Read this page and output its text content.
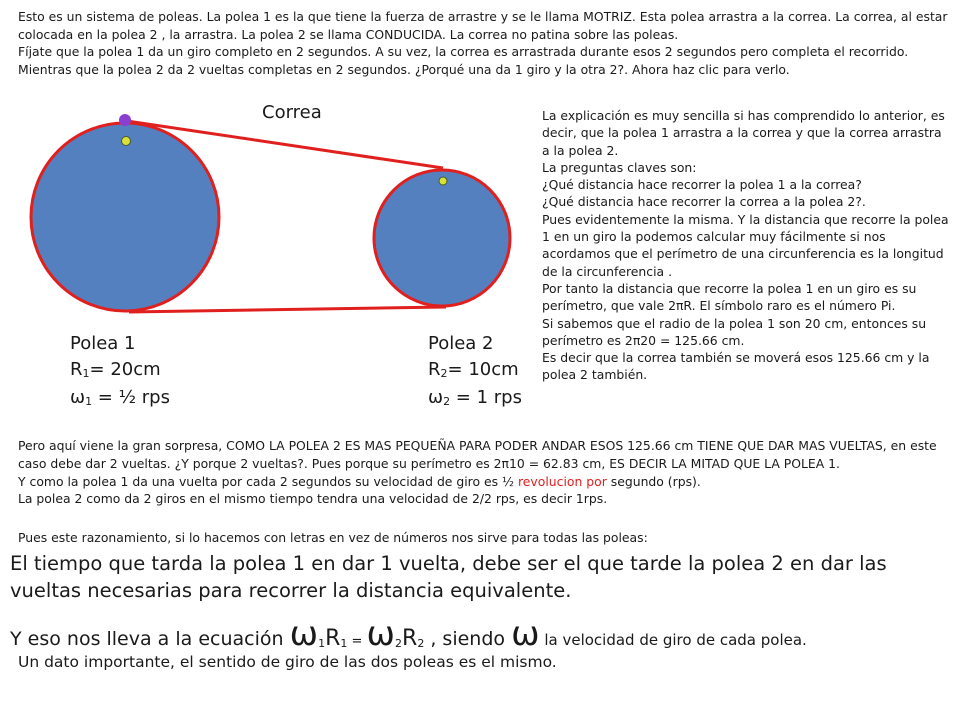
Esto es un sistema de poleas. La polea 1 es la que tiene la fuerza de arrastre y se le llama MOTRIZ. Esta polea arrastra a la correa. La correa, al estar colocada en la polea 2 , la arrastra. La polea 2 se llama CONDUCIDA. La correa no patina sobre las poleas.

Fíjate que la polea 1 da un giro completo en 2 segundos. A su vez, la correa es arrastrada durante esos 2 segundos pero completa el recorrido. Mientras que la polea 2 da 2 vueltas completas en 2 segundos. ¿Porqué una da 1 giro y la otra 2?. Ahora haz clic para verlo.

Correa
Polea 1
R1= 20cm
ω1 = ½ rps
Polea 2
R2= 10cm
ω2 = 1 rps

La explicación es muy sencilla si has comprendido lo anterior, es decir, que la polea 1 arrastra a la correa y que la correa arrastra a la polea 2.

La preguntas claves son:

¿Qué distancia hace recorrer la polea 1 a la correa?

¿Qué distancia hace recorrer la correa a la polea 2?.

Pues evidentemente la misma. Y la distancia que recorre la polea 1 en un giro la podemos calcular muy fácilmente si nos acordamos que el perímetro de una circunferencia es la longitud de la circunferencia .

Por tanto la distancia que recorre la polea 1 en un giro es su perímetro, que vale 2πR. El símbolo raro es el número Pi.

Si sabemos que el radio de la polea 1 son 20 cm, entonces su perímetro es 2π20 = 125.66 cm.

Es decir que la correa también se moverá esos 125.66 cm y la polea 2 también.

Pero aquí viene la gran sorpresa, COMO LA POLEA 2 ES MAS PEQUEÑA PARA PODER ANDAR ESOS 125.66 cm TIENE QUE DAR MAS VUELTAS, en este caso debe dar 2 vueltas. ¿Y porque 2 vueltas?. Pues porque su perímetro es 2π10 = 62.83 cm, ES DECIR LA MITAD QUE LA POLEA 1.

Y como la polea 1 da una vuelta por cada 2 segundos su velocidad de giro es ½ revolucion por segundo (rps).

La polea 2 como da 2 giros en el mismo tiempo tendra una velocidad de 2/2 rps, es decir 1rps.

Pues este razonamiento, si lo hacemos con letras en vez de números nos sirve para todas las poleas:
El tiempo que tarda la polea 1 en dar 1 vuelta, debe ser el que tarde la polea 2 en dar las vueltas necesarias para recorrer la distancia equivalente.
Y eso nos lleva a la ecuación ω1R1 = ω2R2 , siendo ω la velocidad de giro de cada polea.
Un dato importante, el sentido de giro de las dos poleas es el mismo.
